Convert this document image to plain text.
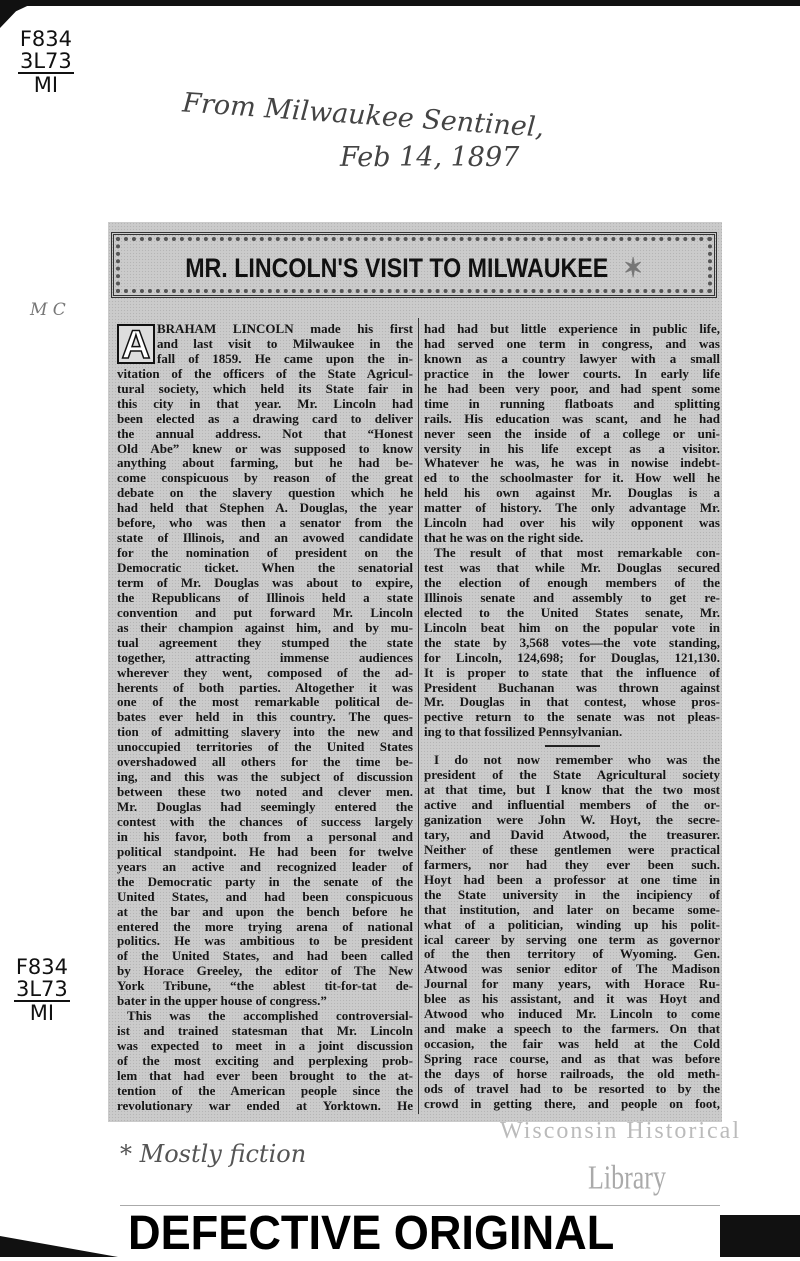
F834
3L73
MI
From Milwaukee Sentinel,
Feb 14, 1897
M C
MR. LINCOLN'S VISIT TO MILWAUKEE ✶
A BRAHAM LINCOLN made his first
and last visit to Milwaukee in the
fall of 1859. He came upon the in-
vitation of the officers of the State Agricul-
tural society, which held its State fair in
this city in that year. Mr. Lincoln had
been elected as a drawing card to deliver
the annual address. Not that “Honest
Old Abe” knew or was supposed to know
anything about farming, but he had be-
come conspicuous by reason of the great
debate on the slavery question which he
had held that Stephen A. Douglas, the year
before, who was then a senator from the
state of Illinois, and an avowed candidate
for the nomination of president on the
Democratic ticket. When the senatorial
term of Mr. Douglas was about to expire,
the Republicans of Illinois held a state
convention and put forward Mr. Lincoln
as their champion against him, and by mu-
tual agreement they stumped the state
together, attracting immense audiences
wherever they went, composed of the ad-
herents of both parties. Altogether it was
one of the most remarkable political de-
bates ever held in this country. The ques-
tion of admitting slavery into the new and
unoccupied territories of the United States
overshadowed all others for the time be-
ing, and this was the subject of discussion
between these two noted and clever men.
Mr. Douglas had seemingly entered the
contest with the chances of success largely
in his favor, both from a personal and
political standpoint. He had been for twelve
years an active and recognized leader of
the Democratic party in the senate of the
United States, and had been conspicuous
at the bar and upon the bench before he
entered the more trying arena of national
politics. He was ambitious to be president
of the United States, and had been called
by Horace Greeley, the editor of The New
York Tribune, “the ablest tit-for-tat de-
bater in the upper house of congress.”
This was the accomplished controversial-
ist and trained statesman that Mr. Lincoln
was expected to meet in a joint discussion
of the most exciting and perplexing prob-
lem that had ever been brought to the at-
tention of the American people since the
revolutionary war ended at Yorktown. He
had had but little experience in public life,
had served one term in congress, and was
known as a country lawyer with a small
practice in the lower courts. In early life
he had been very poor, and had spent some
time in running flatboats and splitting
rails. His education was scant, and he had
never seen the inside of a college or uni-
versity in his life except as a visitor.
Whatever he was, he was in nowise indebt-
ed to the schoolmaster for it. How well he
held his own against Mr. Douglas is a
matter of history. The only advantage Mr.
Lincoln had over his wily opponent was
that he was on the right side.
The result of that most remarkable con-
test was that while Mr. Douglas secured
the election of enough members of the
Illinois senate and assembly to get re-
elected to the United States senate, Mr.
Lincoln beat him on the popular vote in
the state by 3,568 votes—the vote standing,
for Lincoln, 124,698; for Douglas, 121,130.
It is proper to state that the influence of
President Buchanan was thrown against
Mr. Douglas in that contest, whose pros-
pective return to the senate was not pleas-
ing to that fossilized Pennsylvanian.
I do not now remember who was the
president of the State Agricultural society
at that time, but I know that the two most
active and influential members of the or-
ganization were John W. Hoyt, the secre-
tary, and David Atwood, the treasurer.
Neither of these gentlemen were practical
farmers, nor had they ever been such.
Hoyt had been a professor at one time in
the State university in the incipiency of
that institution, and later on became some-
what of a politician, winding up his polit-
ical career by serving one term as governor
of the then territory of Wyoming. Gen.
Atwood was senior editor of The Madison
Journal for many years, with Horace Ru-
blee as his assistant, and it was Hoyt and
Atwood who induced Mr. Lincoln to come
and make a speech to the farmers. On that
occasion, the fair was held at the Cold
Spring race course, and as that was before
the days of horse railroads, the old meth-
ods of travel had to be resorted to by the
crowd in getting there, and people on foot,
F834
3L73
MI
* Mostly fiction
Wisconsin Historical
Library
DEFECTIVE ORIGINAL
